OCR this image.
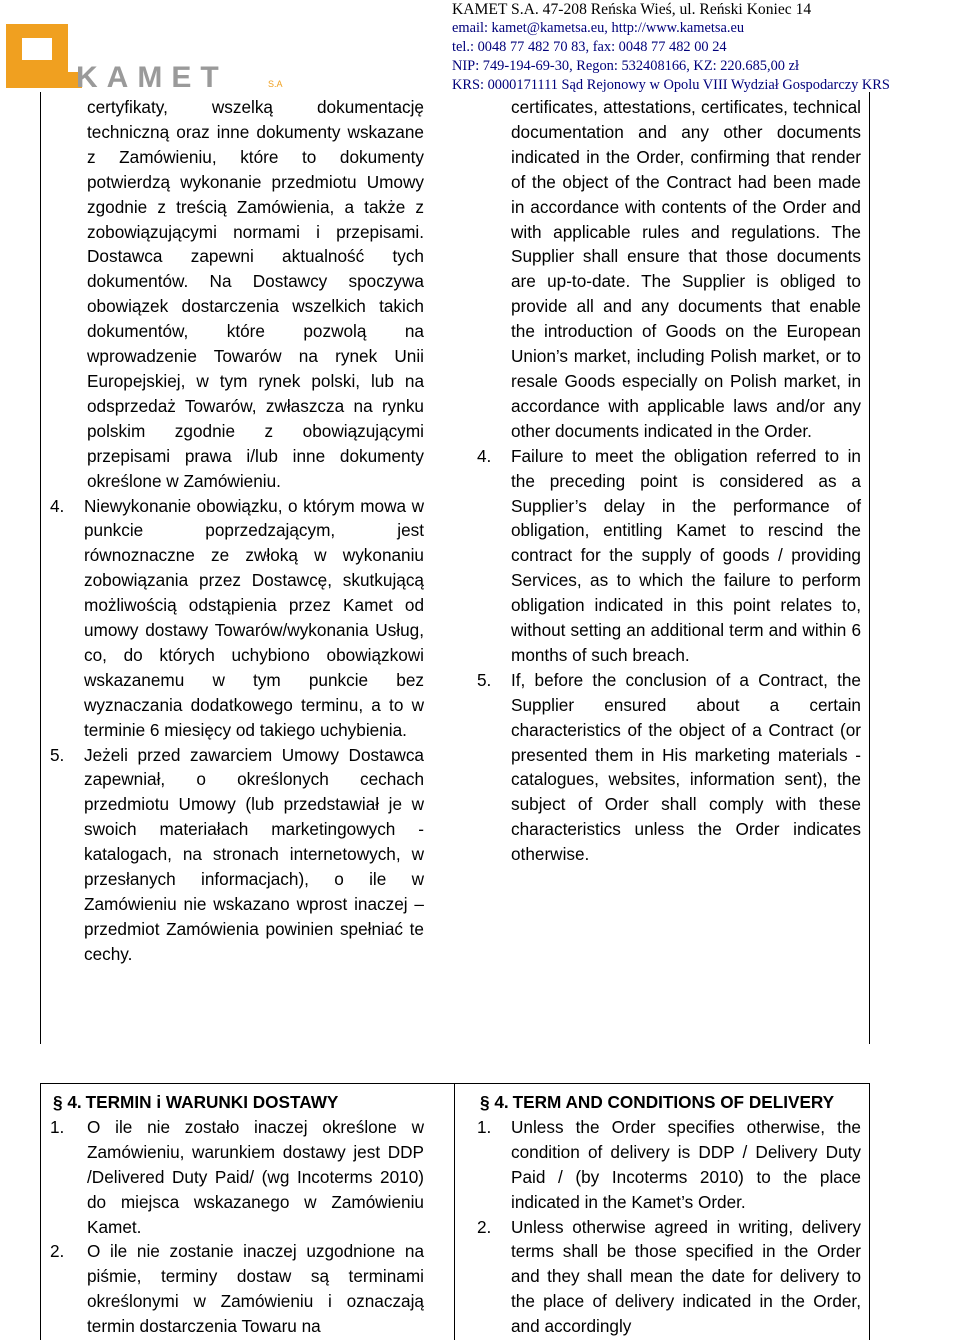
KAMET	S.A
KAMET S.A. 47-208 Reńska Wieś, ul. Reński Koniec 14
email: kamet@kametsa.eu, http://www.kametsa.eu
tel.: 0048 77 482 70 83, fax: 0048 77 482 00 24
NIP: 749-194-69-30, Regon: 532408166, KZ: 220.685,00 zł
KRS: 0000171111 Sąd Rejonowy w Opolu VIII Wydział Gospodarczy KRS

certyfikaty, wszelką dokumentację techniczną oraz inne dokumenty wskazane z Zamówieniu, które to dokumenty potwierdzą wykonanie przedmiotu Umowy zgodnie z treścią Zamówienia, a także z zobowiązującymi normami i przepisami. Dostawca zapewni aktualność tych dokumentów. Na Dostawcy spoczywa obowiązek dostarczenia wszelkich takich dokumentów, które pozwolą na wprowadzenie Towarów na rynek Unii Europejskiej, w tym rynek polski, lub na odsprzedaż Towarów, zwłaszcza na rynku polskim zgodnie z obowiązującymi przepisami prawa i/lub inne dokumenty określone w Zamówieniu.

4. Niewykonanie obowiązku, o którym mowa w punkcie poprzedzającym, jest równoznaczne ze zwłoką w wykonaniu zobowiązania przez Dostawcę, skutkującą możliwością odstąpienia przez Kamet od umowy dostawy Towarów/wykonania Usług, co, do których uchybiono obowiązkowi wskazanemu w tym punkcie bez wyznaczania dodatkowego terminu, a to w terminie 6 miesięcy od takiego uchybienia.
5. Jeżeli przed zawarciem Umowy Dostawca zapewniał, o określonych cechach przedmiotu Umowy (lub przedstawiał je w swoich materiałach marketingowych - katalogach, na stronach internetowych, w przesłanych informacjach), o ile w Zamówieniu nie wskazano wprost inaczej – przedmiot Zamówienia powinien spełniać te cechy.

certificates, attestations, certificates, technical documentation and any other documents indicated in the Order, confirming that render of the object of the Contract had been made in accordance with contents of the Order and with applicable rules and regulations. The Supplier shall ensure that those documents are up-to-date. The Supplier is obliged to provide all and any documents that enable the introduction of Goods on the European Union’s market, including Polish market, or to resale Goods especially on Polish market, in accordance with applicable laws and/or any other documents indicated in the Order.

4. Failure to meet the obligation referred to in the preceding point is considered as a Supplier’s delay in the performance of obligation, entitling Kamet to rescind the contract for the supply of goods / providing Services, as to which the failure to perform obligation indicated in this point relates to, without setting an additional term and within 6 months of such breach.
5. If, before the conclusion of a Contract, the Supplier ensured about a certain characteristics of the object of a Contract (or presented them in His marketing materials - catalogues, websites, information sent), the subject of Order shall comply with these characteristics unless the Order indicates otherwise.

§ 4. TERMIN i WARUNKI DOSTAWY

1. O ile nie zostało inaczej określone w Zamówieniu, warunkiem dostawy jest DDP /Delivered Duty Paid/ (wg Incoterms 2010) do miejsca wskazanego w Zamówieniu Kamet.
2. O ile nie zostanie inaczej uzgodnione na piśmie, terminy dostaw są terminami określonymi w Zamówieniu i oznaczają termin dostarczenia Towaru na

§ 4. TERM AND CONDITIONS OF DELIVERY

1. Unless the Order specifies otherwise, the condition of delivery is DDP / Delivery Duty Paid / (by Incoterms 2010) to the place indicated in the Kamet’s Order.
2. Unless otherwise agreed in writing, delivery terms shall be those specified in the Order and they shall mean the date for delivery to the place of delivery indicated in the Order, and accordingly
